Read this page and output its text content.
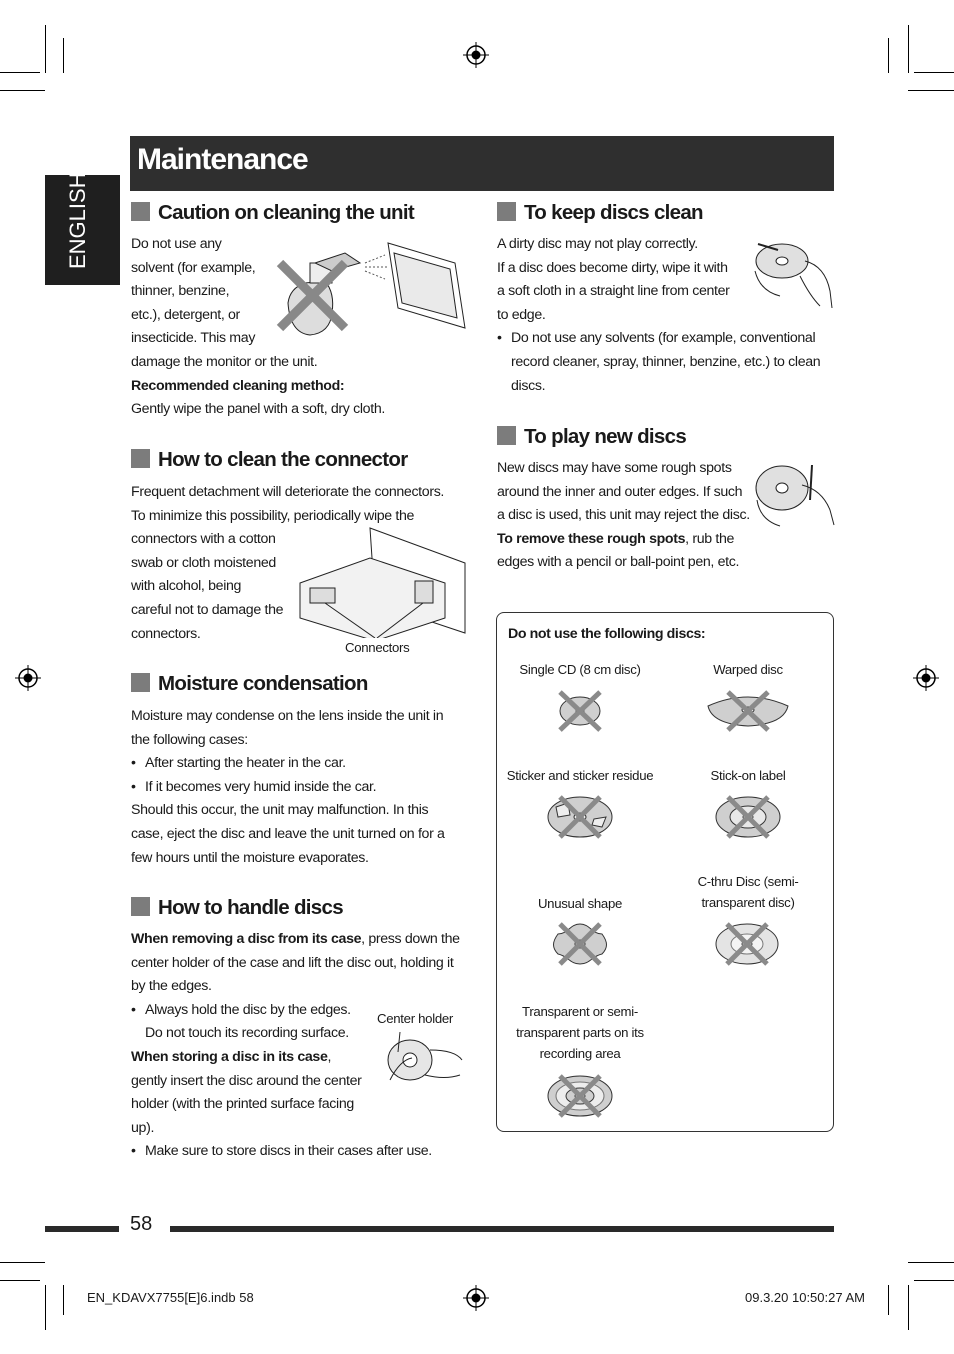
Maintenance
ENGLISH	Caution on cleaning the unit
Do not use any
solvent (for example,
thinner, benzine,
etc.), detergent, or
insecticide. This may
damage the monitor or the unit.
Recommended cleaning method:
Gently wipe the panel with a soft, dry cloth.
How to clean the connector
Frequent detachment will deteriorate the connectors.
To minimize this possibility, periodically wipe the
connectors with a cotton
swab or cloth moistened
with alcohol, being
careful not to damage the
connectors.
Connectors
Moisture condensation
Moisture may condense on the lens inside the unit in
the following cases:
• After starting the heater in the car.
• If it becomes very humid inside the car.
Should this occur, the unit may malfunction. In this
case, eject the disc and leave the unit turned on for a
few hours until the moisture evaporates.
How to handle discs
When removing a disc from its case, press down the
center holder of the case and lift the disc out, holding it
by the edges.
• Always hold the disc by the edges.
Do not touch its recording surface.
When storing a disc in its case,
gently insert the disc around the center
holder (with the printed surface facing
up).
• Make sure to store discs in their cases after use.
Center holder
To keep discs clean
A dirty disc may not play correctly.
If a disc does become dirty, wipe it with
a soft cloth in a straight line from center
to edge.
• Do not use any solvents (for example, conventional
record cleaner, spray, thinner, benzine, etc.) to clean
discs.
To play new discs
New discs may have some rough spots
around the inner and outer edges. If such
a disc is used, this unit may reject the disc.
To remove these rough spots, rub the
edges with a pencil or ball-point pen, etc.
Do not use the following discs:
Single CD (8 cm disc)	Warped disc
Sticker and sticker residue	Stick-on label
Unusual shape
C-thru Disc (semi-
transparent disc)
Transparent or semi-
transparent parts on its
recording area
58
EN_KDAVX7755[E]6.indb 58	09.3.20 10:50:27 AM
